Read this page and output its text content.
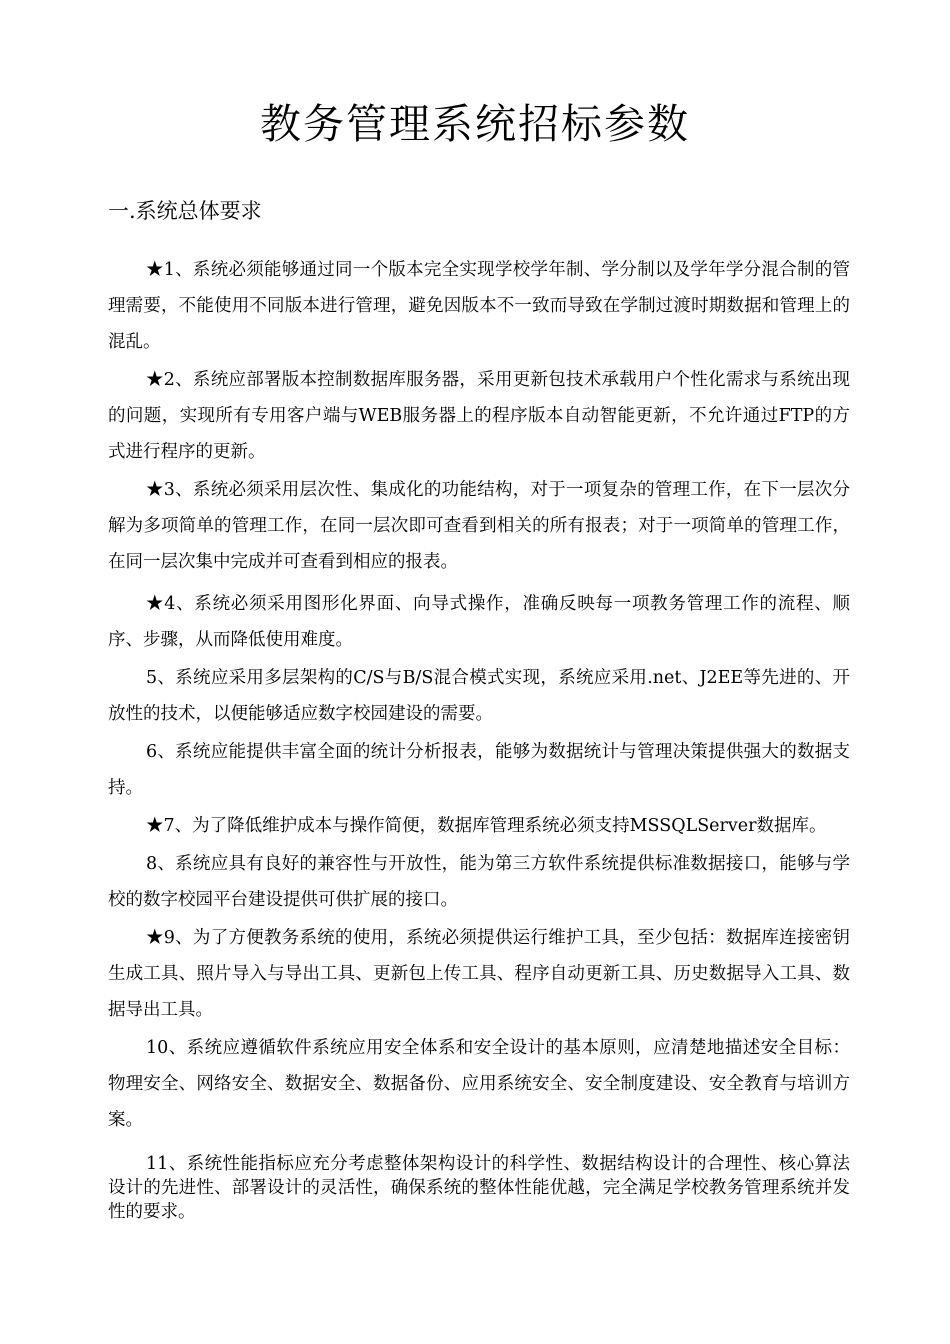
教务管理系统招标参数
一.系统总体要求

★1、系统必须能够通过同一个版本完全实现学校学年制、学分制以及学年学分混合制的管理需要，不能使用不同版本进行管理，避免因版本不一致而导致在学制过渡时期数据和管理上的混乱。

★2、系统应部署版本控制数据库服务器，采用更新包技术承载用户个性化需求与系统出现的问题，实现所有专用客户端与WEB服务器上的程序版本自动智能更新，不允许通过FTP的方式进行程序的更新。

★3、系统必须采用层次性、集成化的功能结构，对于一项复杂的管理工作，在下一层次分解为多项简单的管理工作，在同一层次即可查看到相关的所有报表；对于一项简单的管理工作，在同一层次集中完成并可查看到相应的报表。

★4、系统必须采用图形化界面、向导式操作，准确反映每一项教务管理工作的流程、顺序、步骤，从而降低使用难度。

5、系统应采用多层架构的C/S与B/S混合模式实现，系统应采用.net、J2EE等先进的、开放性的技术，以便能够适应数字校园建设的需要。

6、系统应能提供丰富全面的统计分析报表，能够为数据统计与管理决策提供强大的数据支持。

★7、为了降低维护成本与操作简便，数据库管理系统必须支持MSSQLServer数据库。

8、系统应具有良好的兼容性与开放性，能为第三方软件系统提供标准数据接口，能够与学校的数字校园平台建设提供可供扩展的接口。

★9、为了方便教务系统的使用，系统必须提供运行维护工具，至少包括：数据库连接密钥生成工具、照片导入与导出工具、更新包上传工具、程序自动更新工具、历史数据导入工具、数据导出工具。

10、系统应遵循软件系统应用安全体系和安全设计的基本原则，应清楚地描述安全目标：物理安全、网络安全、数据安全、数据备份、应用系统安全、安全制度建设、安全教育与培训方案。

11、系统性能指标应充分考虑整体架构设计的科学性、数据结构设计的合理性、核心算法设计的先进性、部署设计的灵活性，确保系统的整体性能优越，完全满足学校教务管理系统并发性的要求。
